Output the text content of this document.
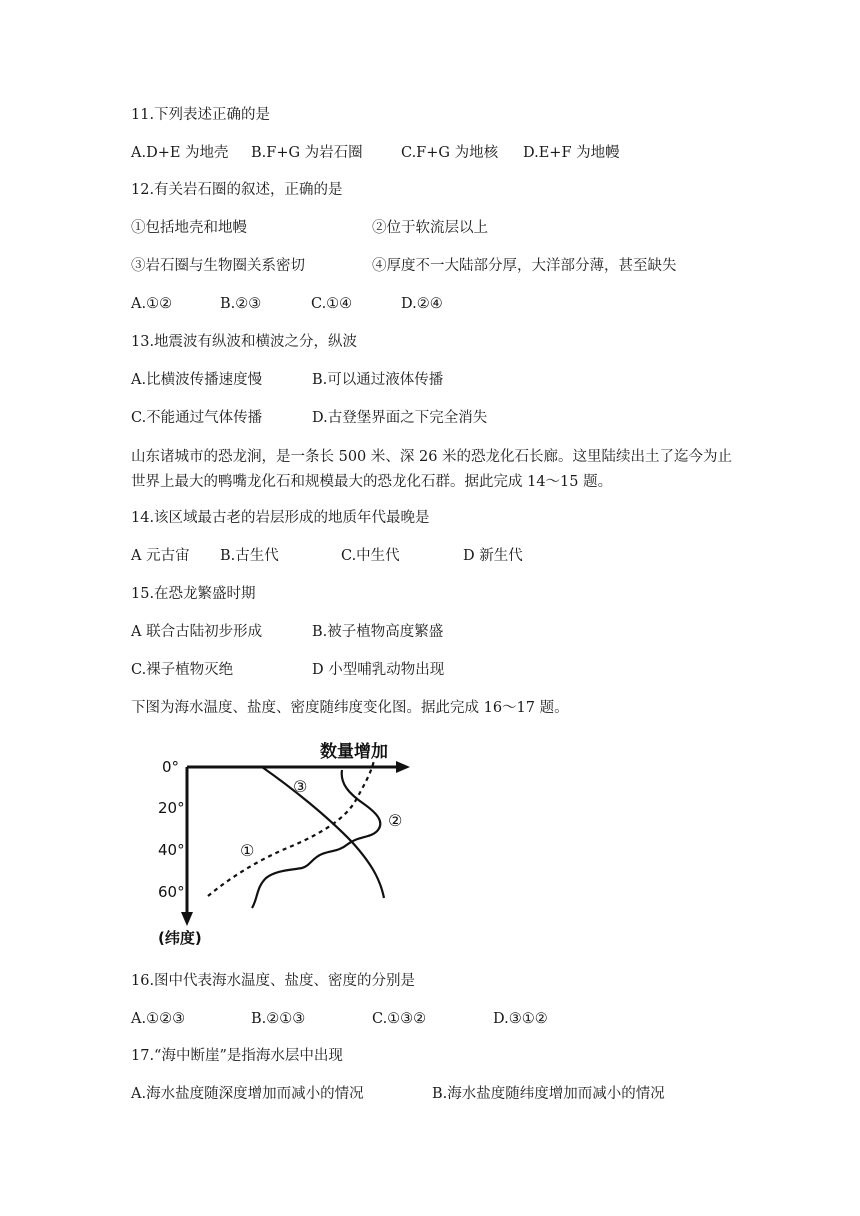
11.下列表述正确的是
A.D+E 为地壳 B.F+G 为岩石圈	C.F+G 为地核 D.E+F 为地幔
12.有关岩石圈的叙述，正确的是
①包括地壳和地幔	②位于软流层以上
③岩石圈与生物圈关系密切	④厚度不一大陆部分厚，大洋部分薄，甚至缺失
A.①②	B.②③	C.①④	D.②④
13.地震波有纵波和横波之分，纵波
A.比横波传播速度慢	B.可以通过液体传播
C.不能通过气体传播	D.古登堡界面之下完全消失
山东诸城市的恐龙涧，是一条长 500 米、深 26 米的恐龙化石长廊。这里陆续出土了迄今为止世界上最大的鸭嘴龙化石和规模最大的恐龙化石群。据此完成 14～15 题。
14.该区域最古老的岩层形成的地质年代最晚是
A 元古宙 B.古生代	C.中生代	D 新生代
15.在恐龙繁盛时期
A 联合古陆初步形成	B.被子植物高度繁盛
C.裸子植物灭绝	D 小型哺乳动物出现
下图为海水温度、盐度、密度随纬度变化图。据此完成 16～17 题。
数量增加
(纬度)
0°
20°
40°
60°
①
②
③
16.图中代表海水温度、盐度、密度的分别是
A.①②③	B.②①③	C.①③②	D.③①②
17.“海中断崖”是指海水层中出现
A.海水盐度随深度增加而减小的情况	B.海水盐度随纬度增加而减小的情况
